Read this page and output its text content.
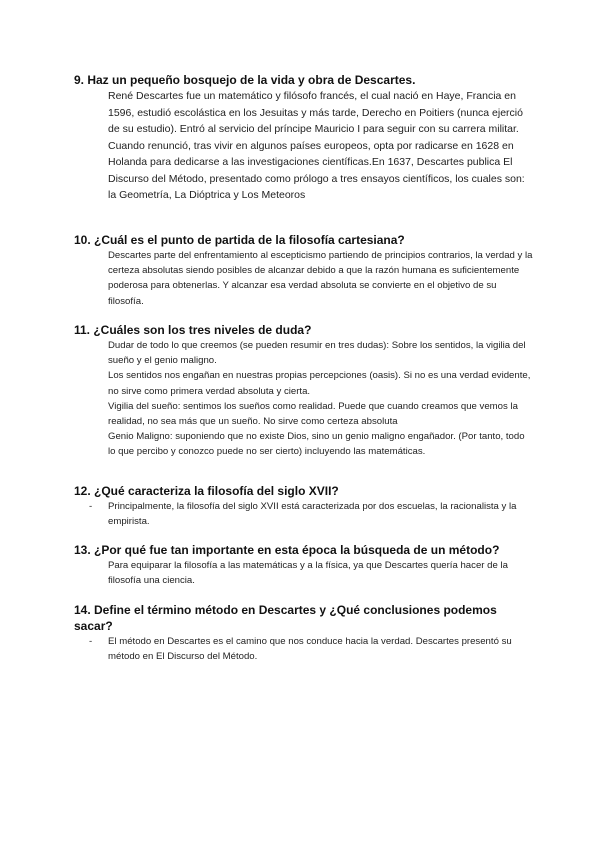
9. Haz un pequeño bosquejo de la vida y obra de Descartes.
René Descartes fue un matemático y filósofo francés, el cual nació en Haye, Francia en 1596, estudió escolástica en los Jesuitas y más tarde, Derecho en Poitiers (nunca ejerció de su estudio). Entró al servicio del príncipe Mauricio I para seguir con su carrera militar. Cuando renunció, tras vivir en algunos países europeos, opta por radicarse en 1628 en Holanda para dedicarse a las investigaciones científicas.En 1637, Descartes publica El Discurso del Método, presentado como prólogo a tres ensayos científicos, los cuales son: la Geometría, La Dióptrica y Los Meteoros
10. ¿Cuál es el punto de partida de la filosofía cartesiana?
Descartes parte del enfrentamiento al escepticismo partiendo de principios contrarios, la verdad y la certeza absolutas siendo posibles de alcanzar debido a que la razón humana es suficientemente poderosa para obtenerlas. Y alcanzar esa verdad absoluta se convierte en el objetivo de su filosofía.
11. ¿Cuáles son los tres niveles de duda?

Dudar de todo lo que creemos (se pueden resumir en tres dudas): Sobre los sentidos, la vigilia del sueño y el genio maligno.

Los sentidos nos engañan en nuestras propias percepciones (oasis). Si no es una verdad evidente, no sirve como primera verdad absoluta y cierta.

Vigilia del sueño: sentimos los sueños como realidad. Puede que cuando creamos que vemos la realidad, no sea más que un sueño. No sirve como certeza absoluta

Genio Maligno: suponiendo que no existe Dios, sino un genio maligno engañador. (Por tanto, todo lo que percibo y conozco puede no ser cierto) incluyendo las matemáticas.

12. ¿Qué caracteriza la filosofía del siglo XVII?
- Principalmente, la filosofía del siglo XVII está caracterizada por dos escuelas, la racionalista y la empirista.
13. ¿Por qué fue tan importante en esta época la búsqueda de un método?
Para equiparar la filosofía a las matemáticas y a la física, ya que Descartes quería hacer de la filosofía una ciencia.
14. Define el término método en Descartes y ¿Qué conclusiones podemos sacar?
- El método en Descartes es el camino que nos conduce hacia la verdad. Descartes presentó su método en El Discurso del Método.
